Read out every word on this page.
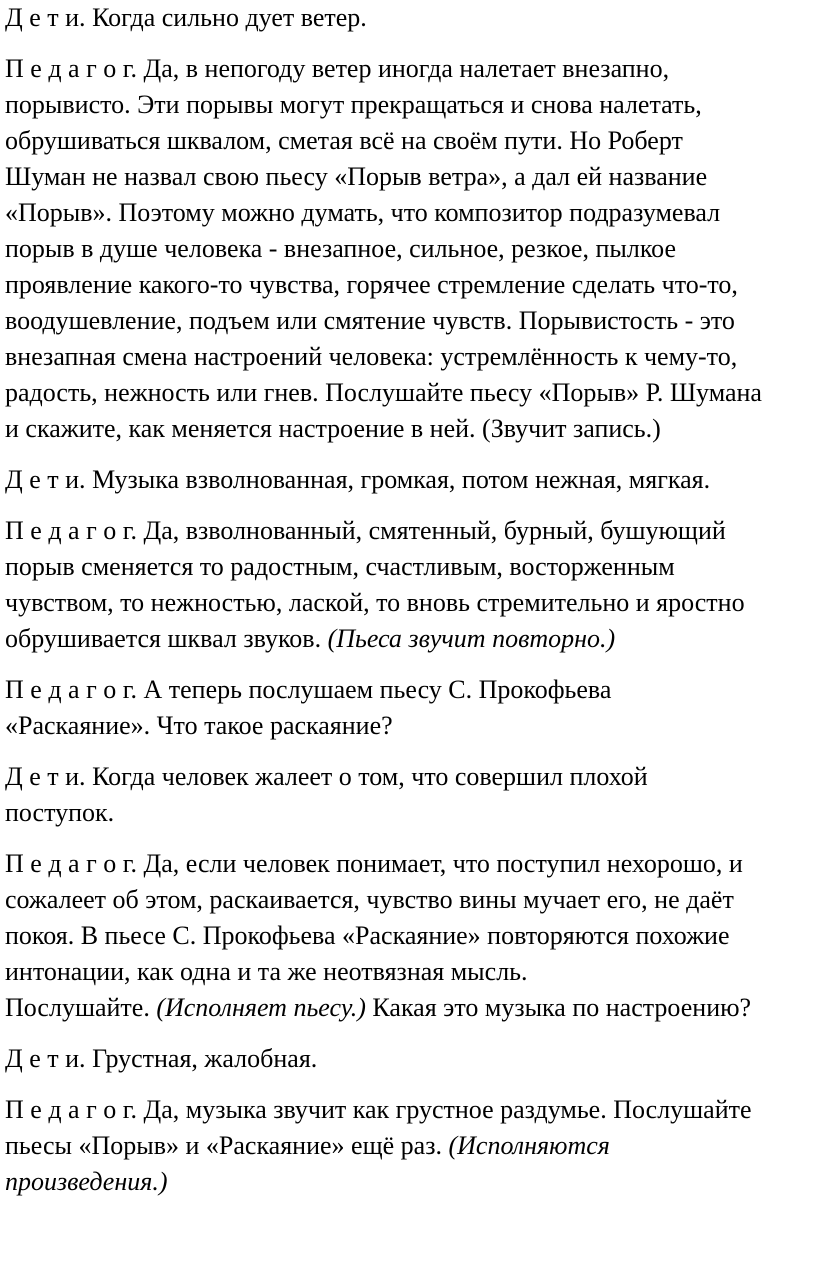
Д е т и. Когда сильно дует ветер.

П е д а г о г. Да, в непогоду ветер иногда налетает внезапно,
порывисто. Эти порывы могут прекращаться и снова налетать,
обрушиваться шквалом, сметая всё на своём пути. Но Роберт
Шуман не назвал свою пьесу «Порыв ветра», а дал ей название
«Порыв». Поэтому можно думать, что композитор подразумевал
порыв в душе человека - внезапное, сильное, резкое, пылкое
проявление какого-то чувства, горячее стремление сделать что-то,
воодушевление, подъем или смятение чувств. Порывистость - это
внезапная смена настроений человека: устремлённость к чему-то,
радость, нежность или гнев. Послушайте пьесу «Порыв» Р. Шумана
и скажите, как меняется настроение в ней. (Звучит запись.)

Д е т и. Музыка взволнованная, громкая, потом нежная, мягкая.

П е д а г о г. Да, взволнованный, смятенный, бурный, бушующий
порыв сменяется то радостным, счастливым, восторженным
чувством, то нежностью, лаской, то вновь стремительно и яростно
обрушивается шквал звуков. (Пьеса звучит повторно.)

П е д а г о г. А теперь послушаем пьесу С. Прокофьева
«Раскаяние». Что такое раскаяние?

Д е т и. Когда человек жалеет о том, что совершил плохой
поступок.

П е д а г о г. Да, если человек понимает, что поступил нехорошо, и
сожалеет об этом, раскаивается, чувство вины мучает его, не даёт
покоя. В пьесе С. Прокофьева «Раскаяние» повторяются похожие
интонации, как одна и та же неотвязная мысль.
Послушайте. (Исполняет пьесу.) Какая это музыка по настроению?

Д е т и. Грустная, жалобная.

П е д а г о г. Да, музыка звучит как грустное раздумье. Послушайте
пьесы «Порыв» и «Раскаяние» ещё раз. (Исполняются
произведения.)
